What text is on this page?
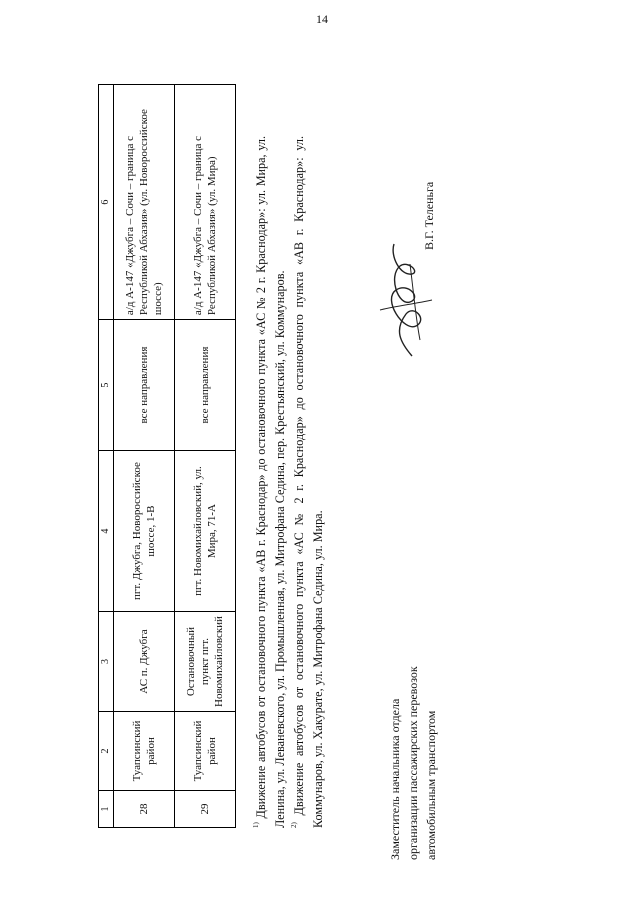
14
1	2	3	4	5	6
28	Туапсинский район	АС п. Джубга	пгт. Джубга, Новороссийское шоссе, 1-В	все направления	а/д А-147 «Джубга – Сочи – граница с Республикой Абхазия» (ул. Новороссийское шоссе)
29	Туапсинский район	Остановочный пункт пгт. Новомихайловский	пгт. Новомихайловский, ул. Мира, 71-А	все направления	а/д А-147 «Джубга – Сочи – граница с Республикой Абхазия» (ул. Мира)

$^{1)}$ Движение автобусов от остановочного пункта «АВ г. Краснодар» до остановочного пункта «АС № 2 г. Краснодар»: ул. Мира, ул. Ленина, ул. Леваневского, ул. Промышленная, ул. Митрофана Седина, пер. Крестьянский, ул. Коммунаров. $^{2)}$ Движение автобусов от остановочного пункта «АС № 2 г. Краснодар» до остановочного пункта «АВ г. Краснодар»: ул. Коммунаров, ул. Хакурате, ул. Митрофана Седина, ул. Мира.	Заместитель начальника отдела организации пассажирских перевозок автомобильным транспортом

В.Г. Теленьга
